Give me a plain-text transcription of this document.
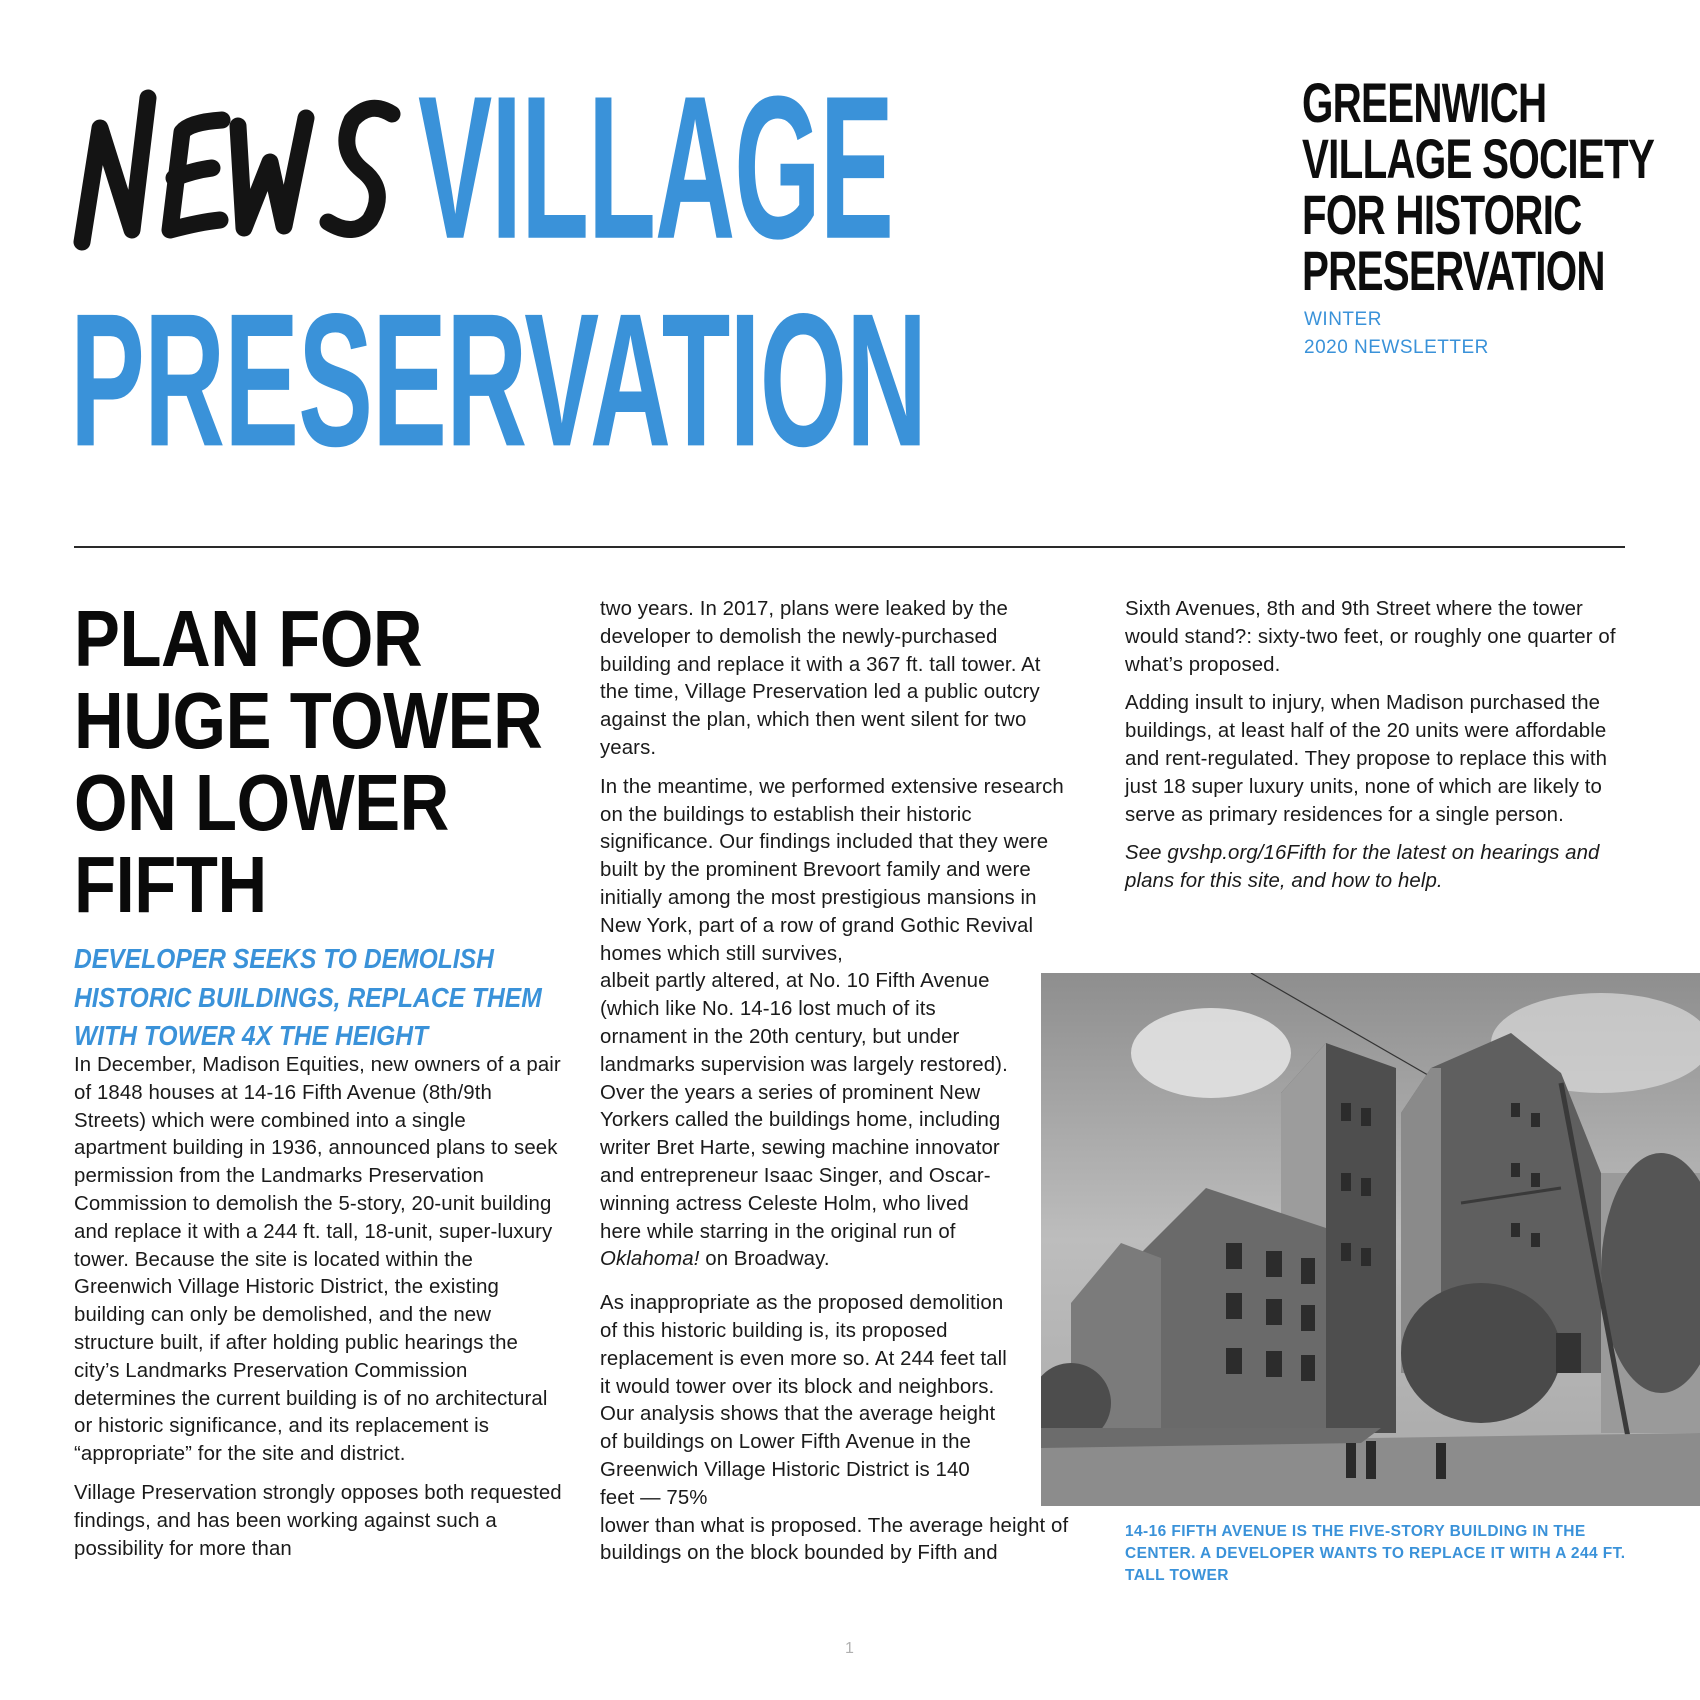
VILLAGE
PRESERVATION
GREENWICH
VILLAGE SOCIETY
FOR HISTORIC
PRESERVATION
WINTER
2020 NEWSLETTER
PLAN FOR
HUGE TOWER
ON LOWER
FIFTH
DEVELOPER SEEKS TO DEMOLISH
HISTORIC BUILDINGS, REPLACE THEM
WITH TOWER 4X THE HEIGHT

In December, Madison Equities, new owners of a pair of 1848 houses at 14-16 Fifth Avenue (8th/9th Streets) which were combined into a single apartment building in 1936, announced plans to seek permission from the Landmarks Preservation Commission to demolish the 5-story, 20-unit building and replace it with a 244 ft. tall, 18-unit, super-luxury tower. Because the site is located within the Greenwich Village Historic District, the existing building can only be demolished, and the new structure built, if after holding public hearings the city’s Landmarks Preservation Commission determines the current building is of no architectural or historic significance, and its replacement is “appropriate” for the site and district.

Village Preservation strongly opposes both requested findings, and has been working against such a possibility for more than

two years. In 2017, plans were leaked by the developer to demolish the newly-purchased building and replace it with a 367 ft. tall tower. At the time, Village Preservation led a public outcry against the plan, which then went silent for two years.

In the meantime, we performed extensive research on the buildings to establish their historic significance. Our findings included that they were built by the prominent Brevoort family and were initially among the most prestigious mansions in New York, part of a row of grand Gothic Revival homes which still survives,

albeit partly altered, at No. 10 Fifth Avenue (which like No. 14-16 lost much of its ornament in the 20th century, but under landmarks supervision was largely restored). Over the years a series of prominent New Yorkers called the buildings home, including writer Bret Harte, sewing machine innovator and entrepreneur Isaac Singer, and Oscar-winning actress Celeste Holm, who lived here while starring in the original run of Oklahoma! on Broadway.

As inappropriate as the proposed demolition of this historic building is, its proposed replacement is even more so. At 244 feet tall it would tower over its block and neighbors. Our analysis shows that the average height of buildings on Lower Fifth Avenue in the Greenwich Village Historic District is 140 feet — 75%

lower than what is proposed. The average height of buildings on the block bounded by Fifth and

Sixth Avenues, 8th and 9th Street where the tower would stand?: sixty-two feet, or roughly one quarter of what’s proposed.

Adding insult to injury, when Madison purchased the buildings, at least half of the 20 units were affordable and rent-regulated. They propose to replace this with just 18 super luxury units, none of which are likely to serve as primary residences for a single person.

See gvshp.org/16Fifth for the latest on hearings and plans for this site, and how to help.

14-16 FIFTH AVENUE IS THE FIVE-STORY BUILDING IN THE CENTER. A DEVELOPER WANTS TO REPLACE IT WITH A 244 FT. TALL TOWER
1
